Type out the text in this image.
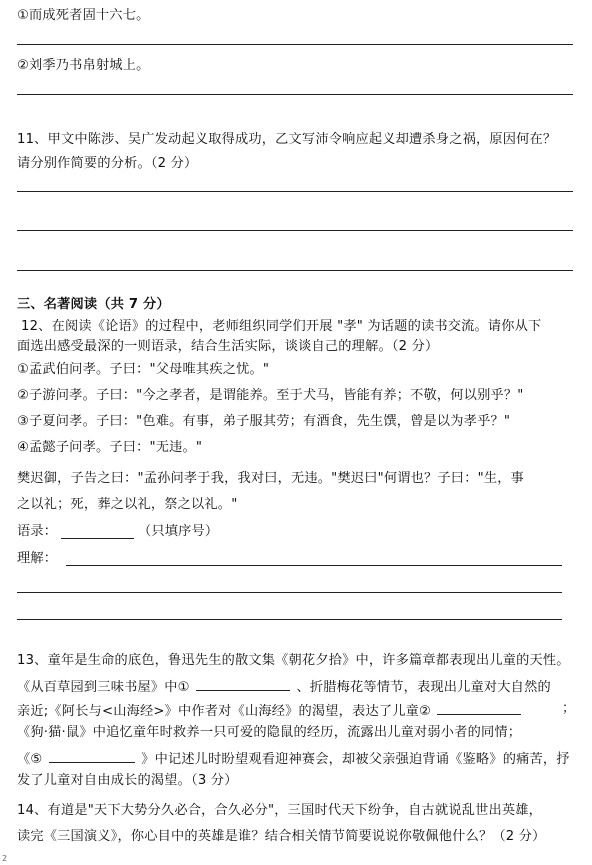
①而成死者固十六七。
②刘季乃书帛射城上。
11、甲文中陈涉、吴广发动起义取得成功，乙文写沛令响应起义却遭杀身之祸，原因何在？
请分别作简要的分析。（2 分）
三、名著阅读（共 7 分）
12、在阅读《论语》的过程中，老师组织同学们开展 "孝" 为话题的读书交流。请你从下
面选出感受最深的一则语录，结合生活实际，谈谈自己的理解。（2 分）
①孟武伯问孝。子曰："父母唯其疾之忧。"
②子游问孝。子曰："今之孝者，是谓能养。至于犬马，皆能有养；不敬，何以别乎？"
③子夏问孝。子曰："色难。有事，弟子服其劳；有酒食，先生馔，曾是以为孝乎？"
④孟懿子问孝。子曰："无违。"
樊迟御，子告之曰："孟孙问孝于我，我对曰，无违。"樊迟曰"何谓也？子曰："生，事
之以礼；死，葬之以礼，祭之以礼。"
语录：	（只填序号）
理解：
13、童年是生命的底色，鲁迅先生的散文集《朝花夕拾》中，许多篇章都表现出儿童的天性。
《从百草园到三味书屋》中①	、折腊梅花等情节，表现出儿童对大自然的
亲近;《阿长与<山海经>》中作者对《山海经》的渴望，表达了儿童②	；
《狗·猫·鼠》中追忆童年时救养一只可爱的隐鼠的经历，流露出儿童对弱小者的同情；
《⑤	》中记述儿时盼望观看迎神赛会，却被父亲强迫背诵《鉴略》的痛苦，抒
发了儿童对自由成长的渴望。（3 分）
14、有道是"天下大势分久必合，合久必分"，三国时代天下纷争，自古就说乱世出英雄，
读完《三国演义》，你心目中的英雄是谁？结合相关情节简要说说你敬佩他什么？（2 分）
2
